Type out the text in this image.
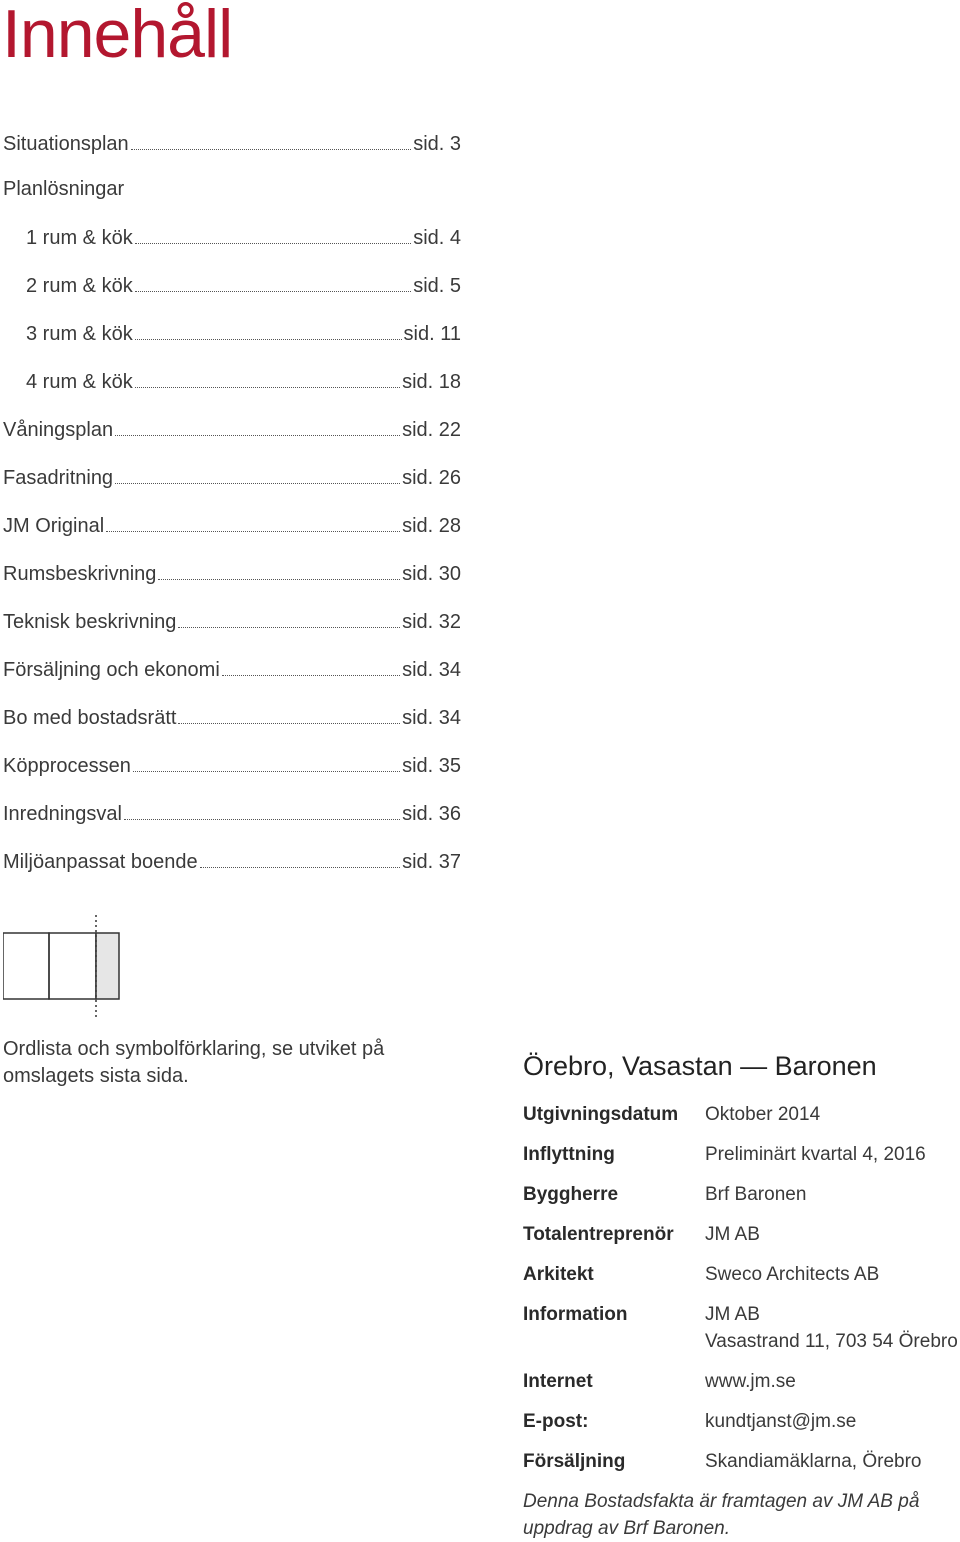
Innehåll
Situationsplan	sid. 3
Planlösningar
1 rum & kök	sid. 4
2 rum & kök	sid. 5
3 rum & kök	sid. 11
4 rum & kök	sid. 18
Våningsplan	sid. 22
Fasadritning	sid. 26
JM Original	sid. 28
Rumsbeskrivning	sid. 30
Teknisk beskrivning	sid. 32
Försäljning och ekonomi	sid. 34
Bo med bostadsrätt	sid. 34
Köpprocessen	sid. 35
Inredningsval	sid. 36
Miljöanpassat boende	sid. 37
Ordlista och symbolförklaring, se utviket på omslagets sista sida.	Örebro, Vasastan — Baronen
Utgivningsdatum Oktober 2014
Inflyttning	Preliminärt kvartal 4, 2016
Byggherre	Brf Baronen
Totalentreprenör JM AB
Arkitekt	Sweco Architects AB
Information	JM AB
Vasastrand 11, 703 54 Örebro
Internet	www.jm.se
E-post:	kundtjanst@jm.se
Försäljning	Skandiamäklarna, Örebro
Denna Bostadsfakta är framtagen av JM AB på uppdrag av Brf Baronen.
